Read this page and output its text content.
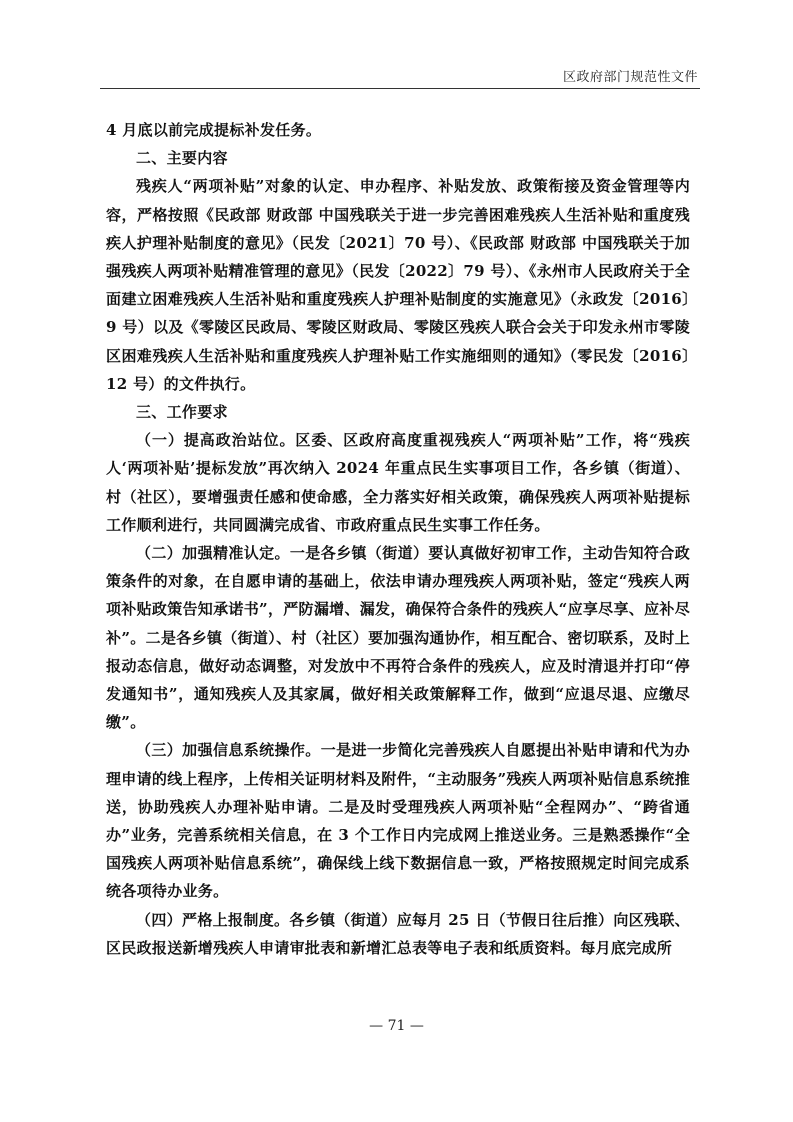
区政府部门规范性文件

4 月底以前完成提标补发任务。

二、主要内容

残疾人“两项补贴”对象的认定、申办程序、补贴发放、政策衔接及资金管理等内容，严格按照《民政部 财政部 中国残联关于进一步完善困难残疾人生活补贴和重度残疾人护理补贴制度的意见》（民发〔2021〕70 号）、《民政部 财政部 中国残联关于加强残疾人两项补贴精准管理的意见》（民发〔2022〕79 号）、《永州市人民政府关于全面建立困难残疾人生活补贴和重度残疾人护理补贴制度的实施意见》（永政发〔2016〕9 号）以及《零陵区民政局、零陵区财政局、零陵区残疾人联合会关于印发永州市零陵区困难残疾人生活补贴和重度残疾人护理补贴工作实施细则的通知》（零民发〔2016〕12 号）的文件执行。

三、工作要求

（一）提高政治站位。区委、区政府高度重视残疾人“两项补贴”工作，将“残疾人‘两项补贴’提标发放”再次纳入 2024 年重点民生实事项目工作，各乡镇（街道）、村（社区），要增强责任感和使命感，全力落实好相关政策，确保残疾人两项补贴提标工作顺利进行，共同圆满完成省、市政府重点民生实事工作任务。

（二）加强精准认定。一是各乡镇（街道）要认真做好初审工作，主动告知符合政策条件的对象，在自愿申请的基础上，依法申请办理残疾人两项补贴，签定“残疾人两项补贴政策告知承诺书”，严防漏增、漏发，确保符合条件的残疾人“应享尽享、应补尽补”。二是各乡镇（街道）、村（社区）要加强沟通协作，相互配合、密切联系，及时上报动态信息，做好动态调整，对发放中不再符合条件的残疾人，应及时清退并打印“停发通知书”，通知残疾人及其家属，做好相关政策解释工作，做到“应退尽退、应缴尽缴”。

（三）加强信息系统操作。一是进一步简化完善残疾人自愿提出补贴申请和代为办理申请的线上程序，上传相关证明材料及附件，“主动服务”残疾人两项补贴信息系统推送，协助残疾人办理补贴申请。二是及时受理残疾人两项补贴“全程网办”、“跨省通办”业务，完善系统相关信息，在 3 个工作日内完成网上推送业务。三是熟悉操作“全国残疾人两项补贴信息系统”，确保线上线下数据信息一致，严格按照规定时间完成系统各项待办业务。

（四）严格上报制度。各乡镇（街道）应每月 25 日（节假日往后推）向区残联、区民政报送新增残疾人申请审批表和新增汇总表等电子表和纸质资料。每月底完成所

— 71 —
